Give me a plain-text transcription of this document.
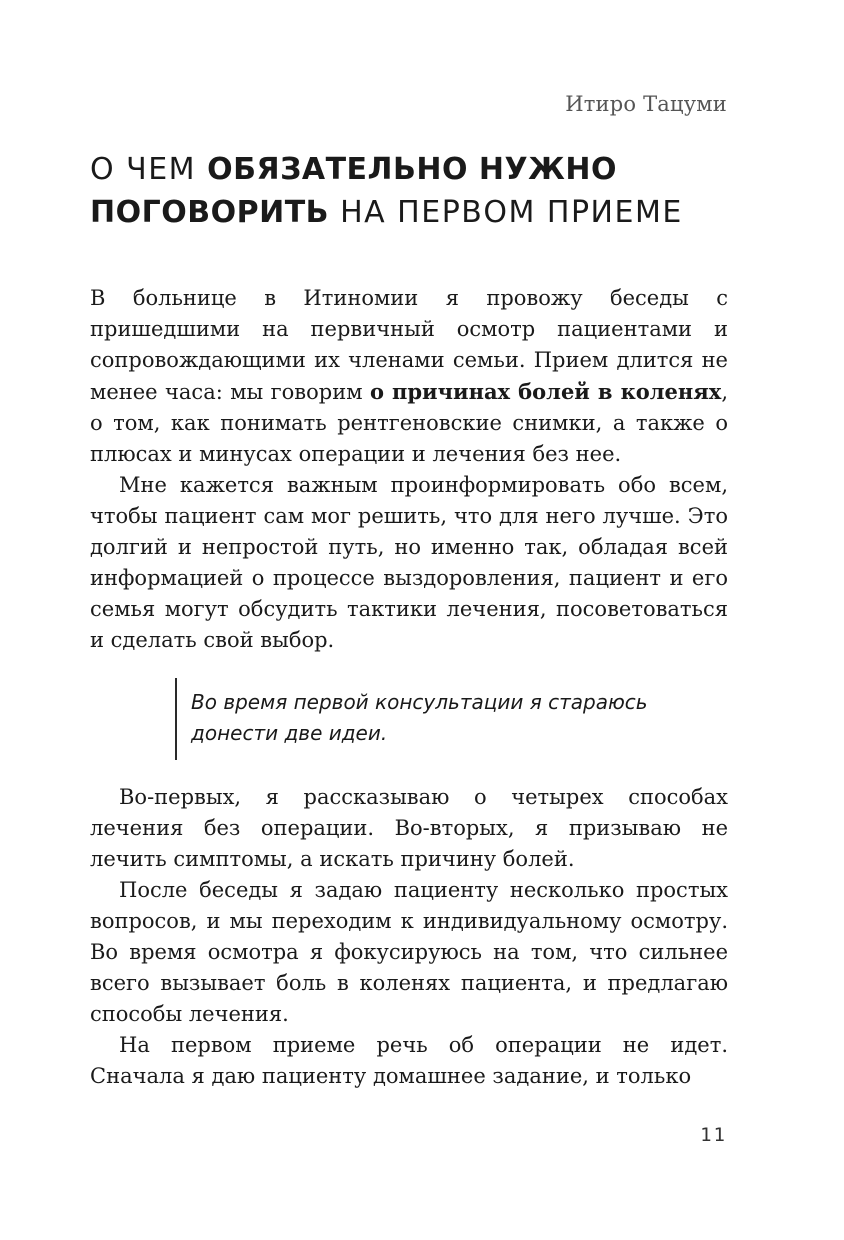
Итиро Тацуми
О ЧЕМ ОБЯЗАТЕЛЬНО НУЖНО
ПОГОВОРИТЬ НА ПЕРВОМ ПРИЕМЕ

В больнице в Итиномии я провожу беседы с пришедшими на первичный осмотр пациентами и сопровождающими их членами семьи. Прием длится не менее часа: мы говорим о причинах болей в коленях, о том, как понимать рентгеновские снимки, а также о плюсах и минусах операции и лечения без нее.

Мне кажется важным проинформировать обо всем, чтобы пациент сам мог решить, что для него лучше. Это долгий и непростой путь, но именно так, обладая всей информацией о процессе выздоровления, пациент и его семья могут обсудить тактики лечения, посоветоваться и сделать свой выбор.

Во время первой консультации я стараюсь донести две идеи.

Во-первых, я рассказываю о четырех способах лечения без операции. Во-вторых, я призываю не лечить симптомы, а искать причину болей.

После беседы я задаю пациенту несколько простых вопросов, и мы переходим к индивидуальному осмотру. Во время осмотра я фокусируюсь на том, что сильнее всего вызывает боль в коленях пациента, и предлагаю способы лечения.

На первом приеме речь об операции не идет. Сначала я даю пациенту домашнее задание, и только

11
